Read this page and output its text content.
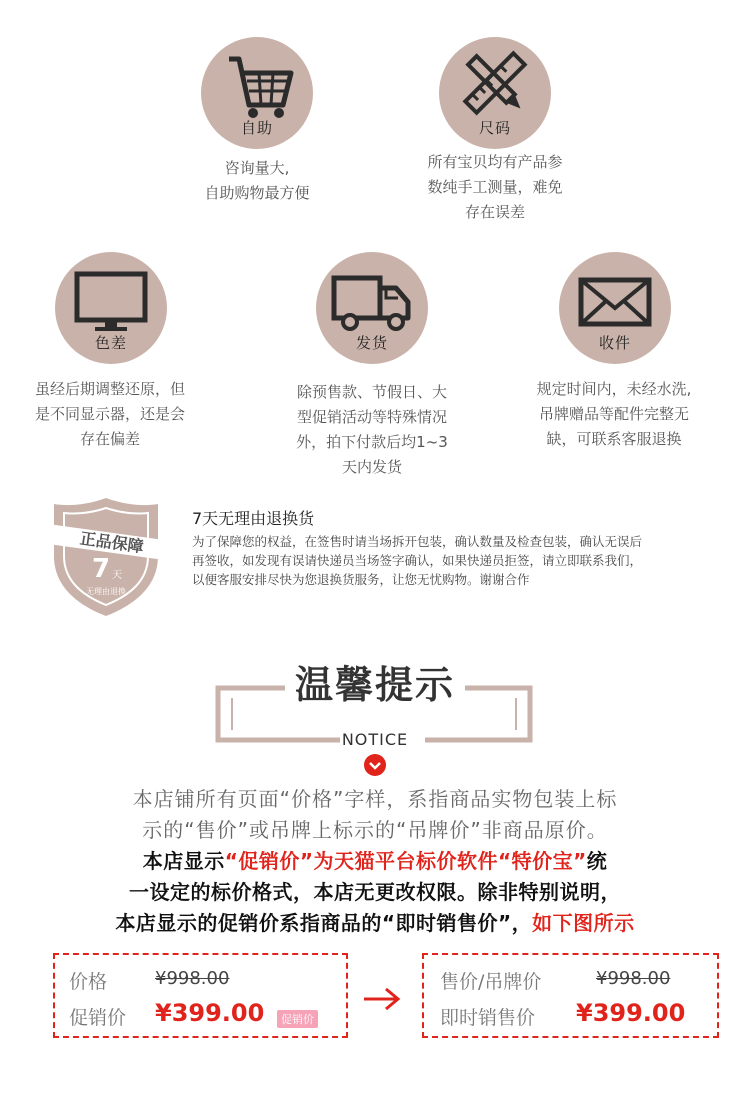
自助
咨询量大,
自助购物最方便
尺码
所有宝贝均有产品参
数纯手工测量，难免
存在误差
色差
虽经后期调整还原，但
是不同显示器，还是会
存在偏差
发货
除预售款、节假日、大
型促销活动等特殊情况
外，拍下付款后均1~3
天内发货
收件
规定时间内，未经水洗,
吊牌赠品等配件完整无
缺，可联系客服退换
正品保障
7 天
无理由退换
7天无理由退换货
为了保障您的权益，在签售时请当场拆开包装，确认数量及检查包装，确认无误后
再签收，如发现有误请快递员当场签字确认，如果快递员拒签，请立即联系我们，
以便客服安排尽快为您退换货服务，让您无忧购物。谢谢合作
温馨提示
NOTICE
本店铺所有页面“价格”字样，系指商品实物包装上标
示的“售价”或吊牌上标示的“吊牌价”非商品原价。
本店显示“促销价”为天猫平台标价软件“特价宝”统
一设定的标价格式，本店无更改权限。除非特别说明，
本店显示的促销价系指商品的“即时销售价”，如下图所示
价格	¥998.00
促销价 ¥399.00	促销价
售价/吊牌价	¥998.00
即时销售价 ¥399.00
